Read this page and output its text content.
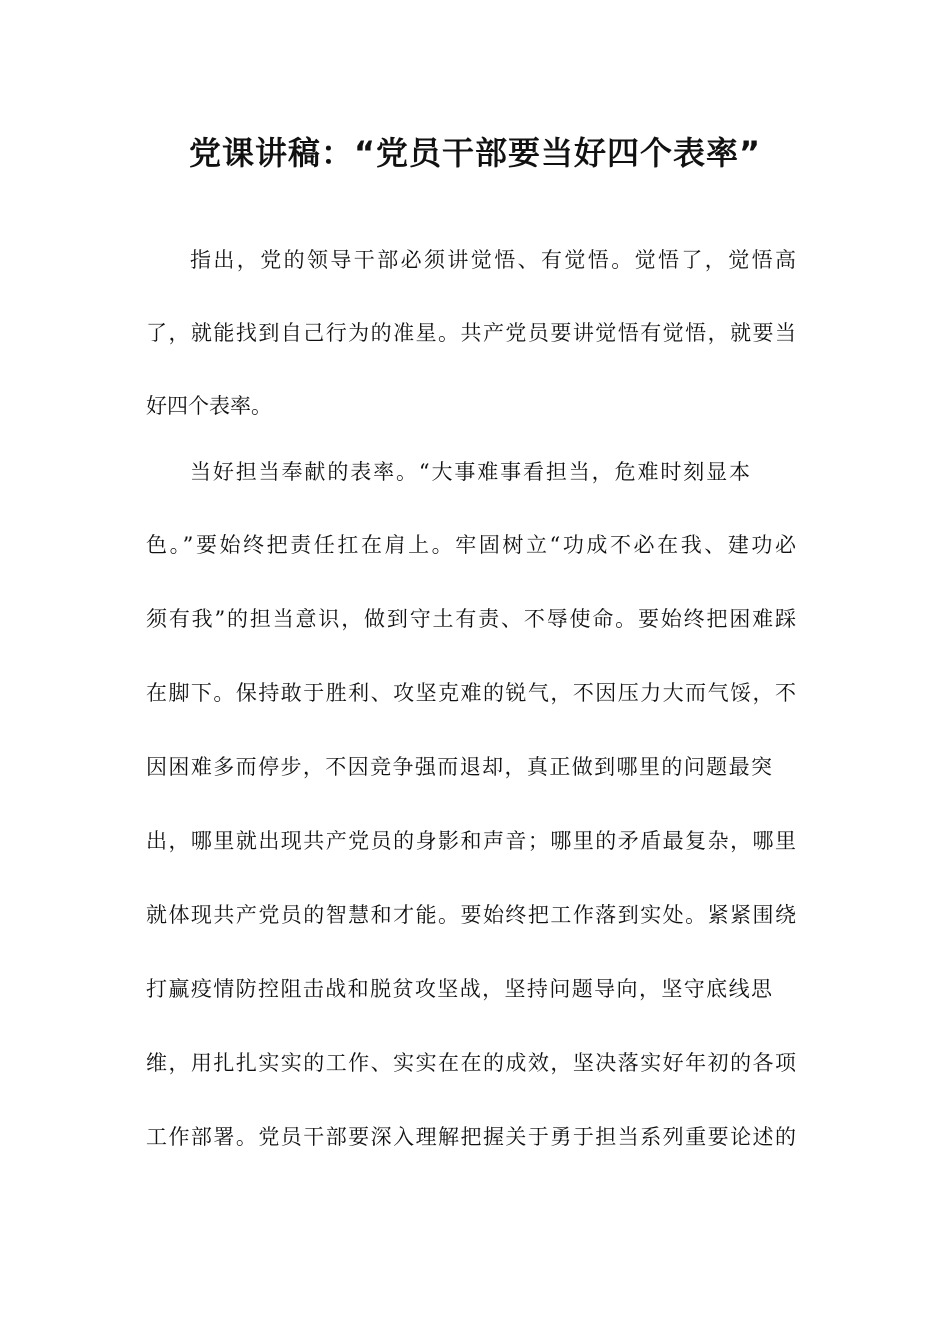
党课讲稿：“党员干部要当好四个表率”
指出，党的领导干部必须讲觉悟、有觉悟。觉悟了，觉悟高
了，就能找到自己行为的准星。共产党员要讲觉悟有觉悟，就要当
好四个表率。
当好担当奉献的表率。“大事难事看担当，危难时刻显本
色。”要始终把责任扛在肩上。牢固树立“功成不必在我、建功必
须有我”的担当意识，做到守土有责、不辱使命。要始终把困难踩
在脚下。保持敢于胜利、攻坚克难的锐气，不因压力大而气馁，不
因困难多而停步，不因竞争强而退却，真正做到哪里的问题最突
出，哪里就出现共产党员的身影和声音；哪里的矛盾最复杂，哪里
就体现共产党员的智慧和才能。要始终把工作落到实处。紧紧围绕
打赢疫情防控阻击战和脱贫攻坚战，坚持问题导向，坚守底线思
维，用扎扎实实的工作、实实在在的成效，坚决落实好年初的各项
工作部署。党员干部要深入理解把握关于勇于担当系列重要论述的
